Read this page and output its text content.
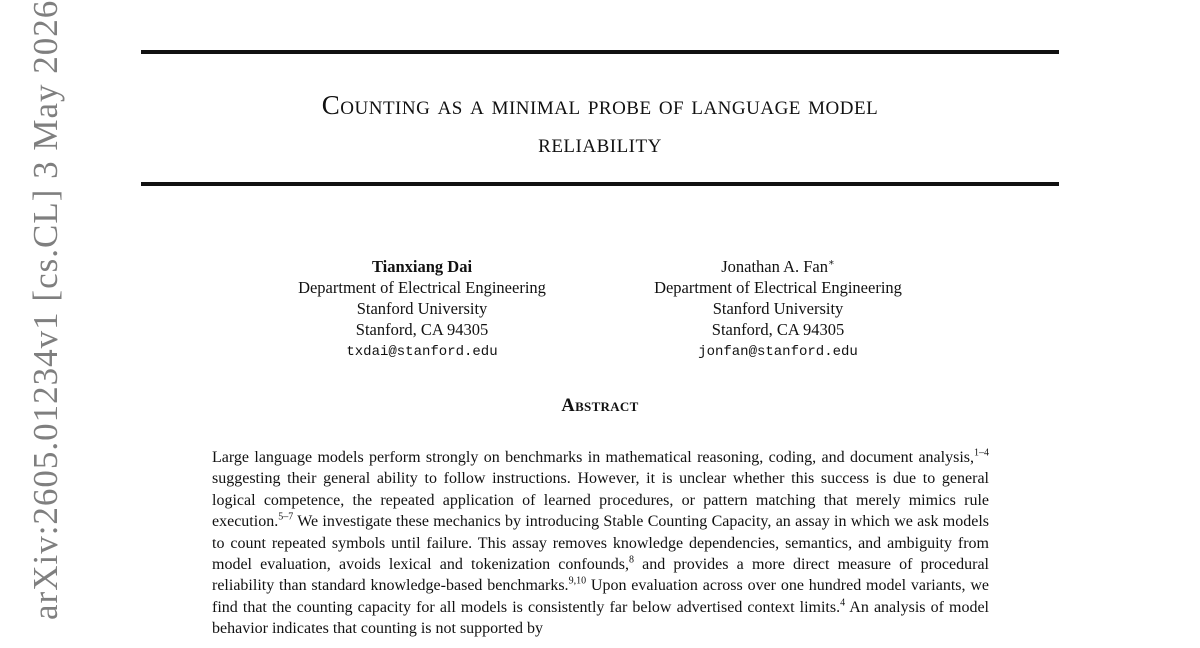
Counting as a minimal probe of language model
reliability
Tianxiang Dai
Department of Electrical Engineering
Stanford University
Stanford, CA 94305
txdai@stanford.edu
Jonathan A. Fan∗
Department of Electrical Engineering
Stanford University
Stanford, CA 94305
jonfan@stanford.edu
Abstract

Large language models perform strongly on benchmarks in mathematical reasoning, coding, and document analysis,$^{1-4}$ suggesting their general ability to follow instructions. However, it is unclear whether this success is due to general logical competence, the repeated application of learned procedures, or pattern matching that merely mimics rule execution.$^{5-7}$ We investigate these mechanics by introducing Stable Counting Capacity, an assay in which we ask models to count repeated symbols until failure. This assay removes knowledge dependencies, semantics, and ambiguity from model evaluation, avoids lexical and tokenization confounds,$^8$ and provides a more direct measure of procedural reliability than standard knowledge-based benchmarks.$^{9,10}$ Upon evaluation across over one hundred model variants, we find that the counting capacity for all models is consistently far below advertised context limits.$^4$ An analysis of model behavior indicates that counting is not supported by

arXiv:2605.01234v1 [cs.CL] 3 May 2026
